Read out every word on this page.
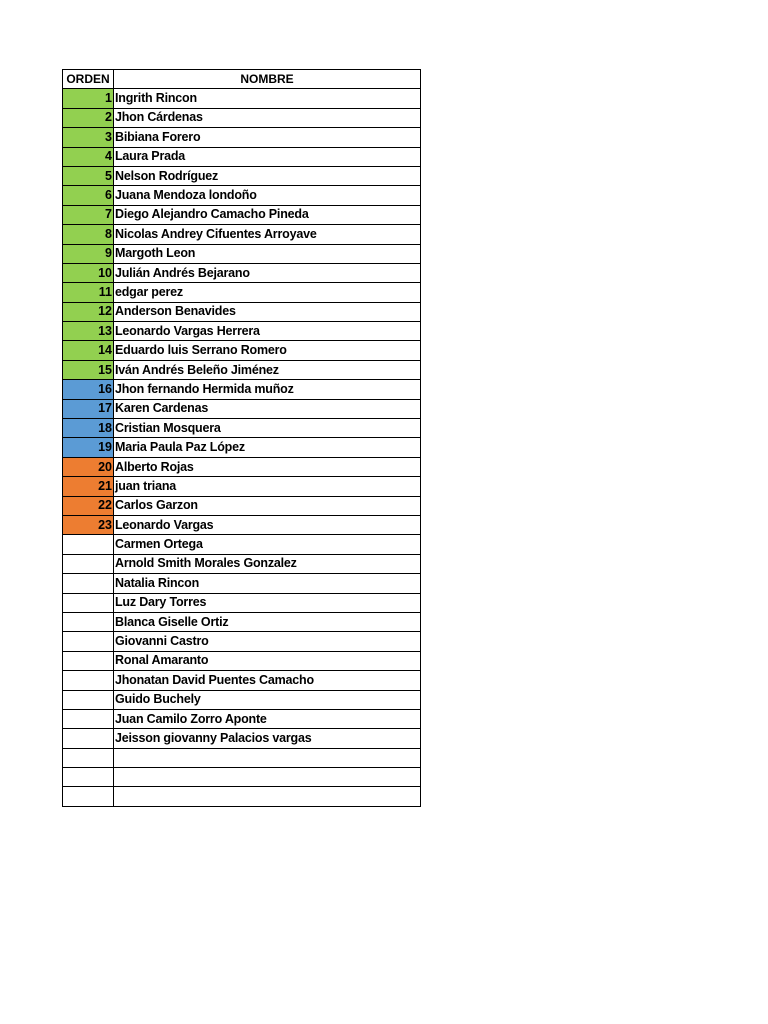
ORDEN	NOMBRE
1	Ingrith Rincon
2	Jhon Cárdenas
3	Bibiana Forero
4	Laura Prada
5	Nelson Rodríguez
6	Juana Mendoza londoño
7	Diego Alejandro Camacho Pineda
8	Nicolas Andrey Cifuentes Arroyave
9	Margoth Leon
10	Julián Andrés Bejarano
11	edgar perez
12	Anderson Benavides
13	Leonardo Vargas Herrera
14	Eduardo luis Serrano Romero
15	Iván Andrés Beleño Jiménez
16	Jhon fernando Hermida muñoz
17	Karen Cardenas
18	Cristian Mosquera
19	Maria Paula Paz López
20	Alberto Rojas
21	juan triana
22	Carlos Garzon
23	Leonardo Vargas
	Carmen Ortega
	Arnold Smith Morales Gonzalez
	Natalia Rincon
	Luz Dary Torres
	Blanca Giselle Ortiz
	Giovanni Castro
	Ronal Amaranto
	Jhonatan David Puentes Camacho
	Guido Buchely
	Juan Camilo Zorro Aponte
	Jeisson giovanny Palacios vargas
